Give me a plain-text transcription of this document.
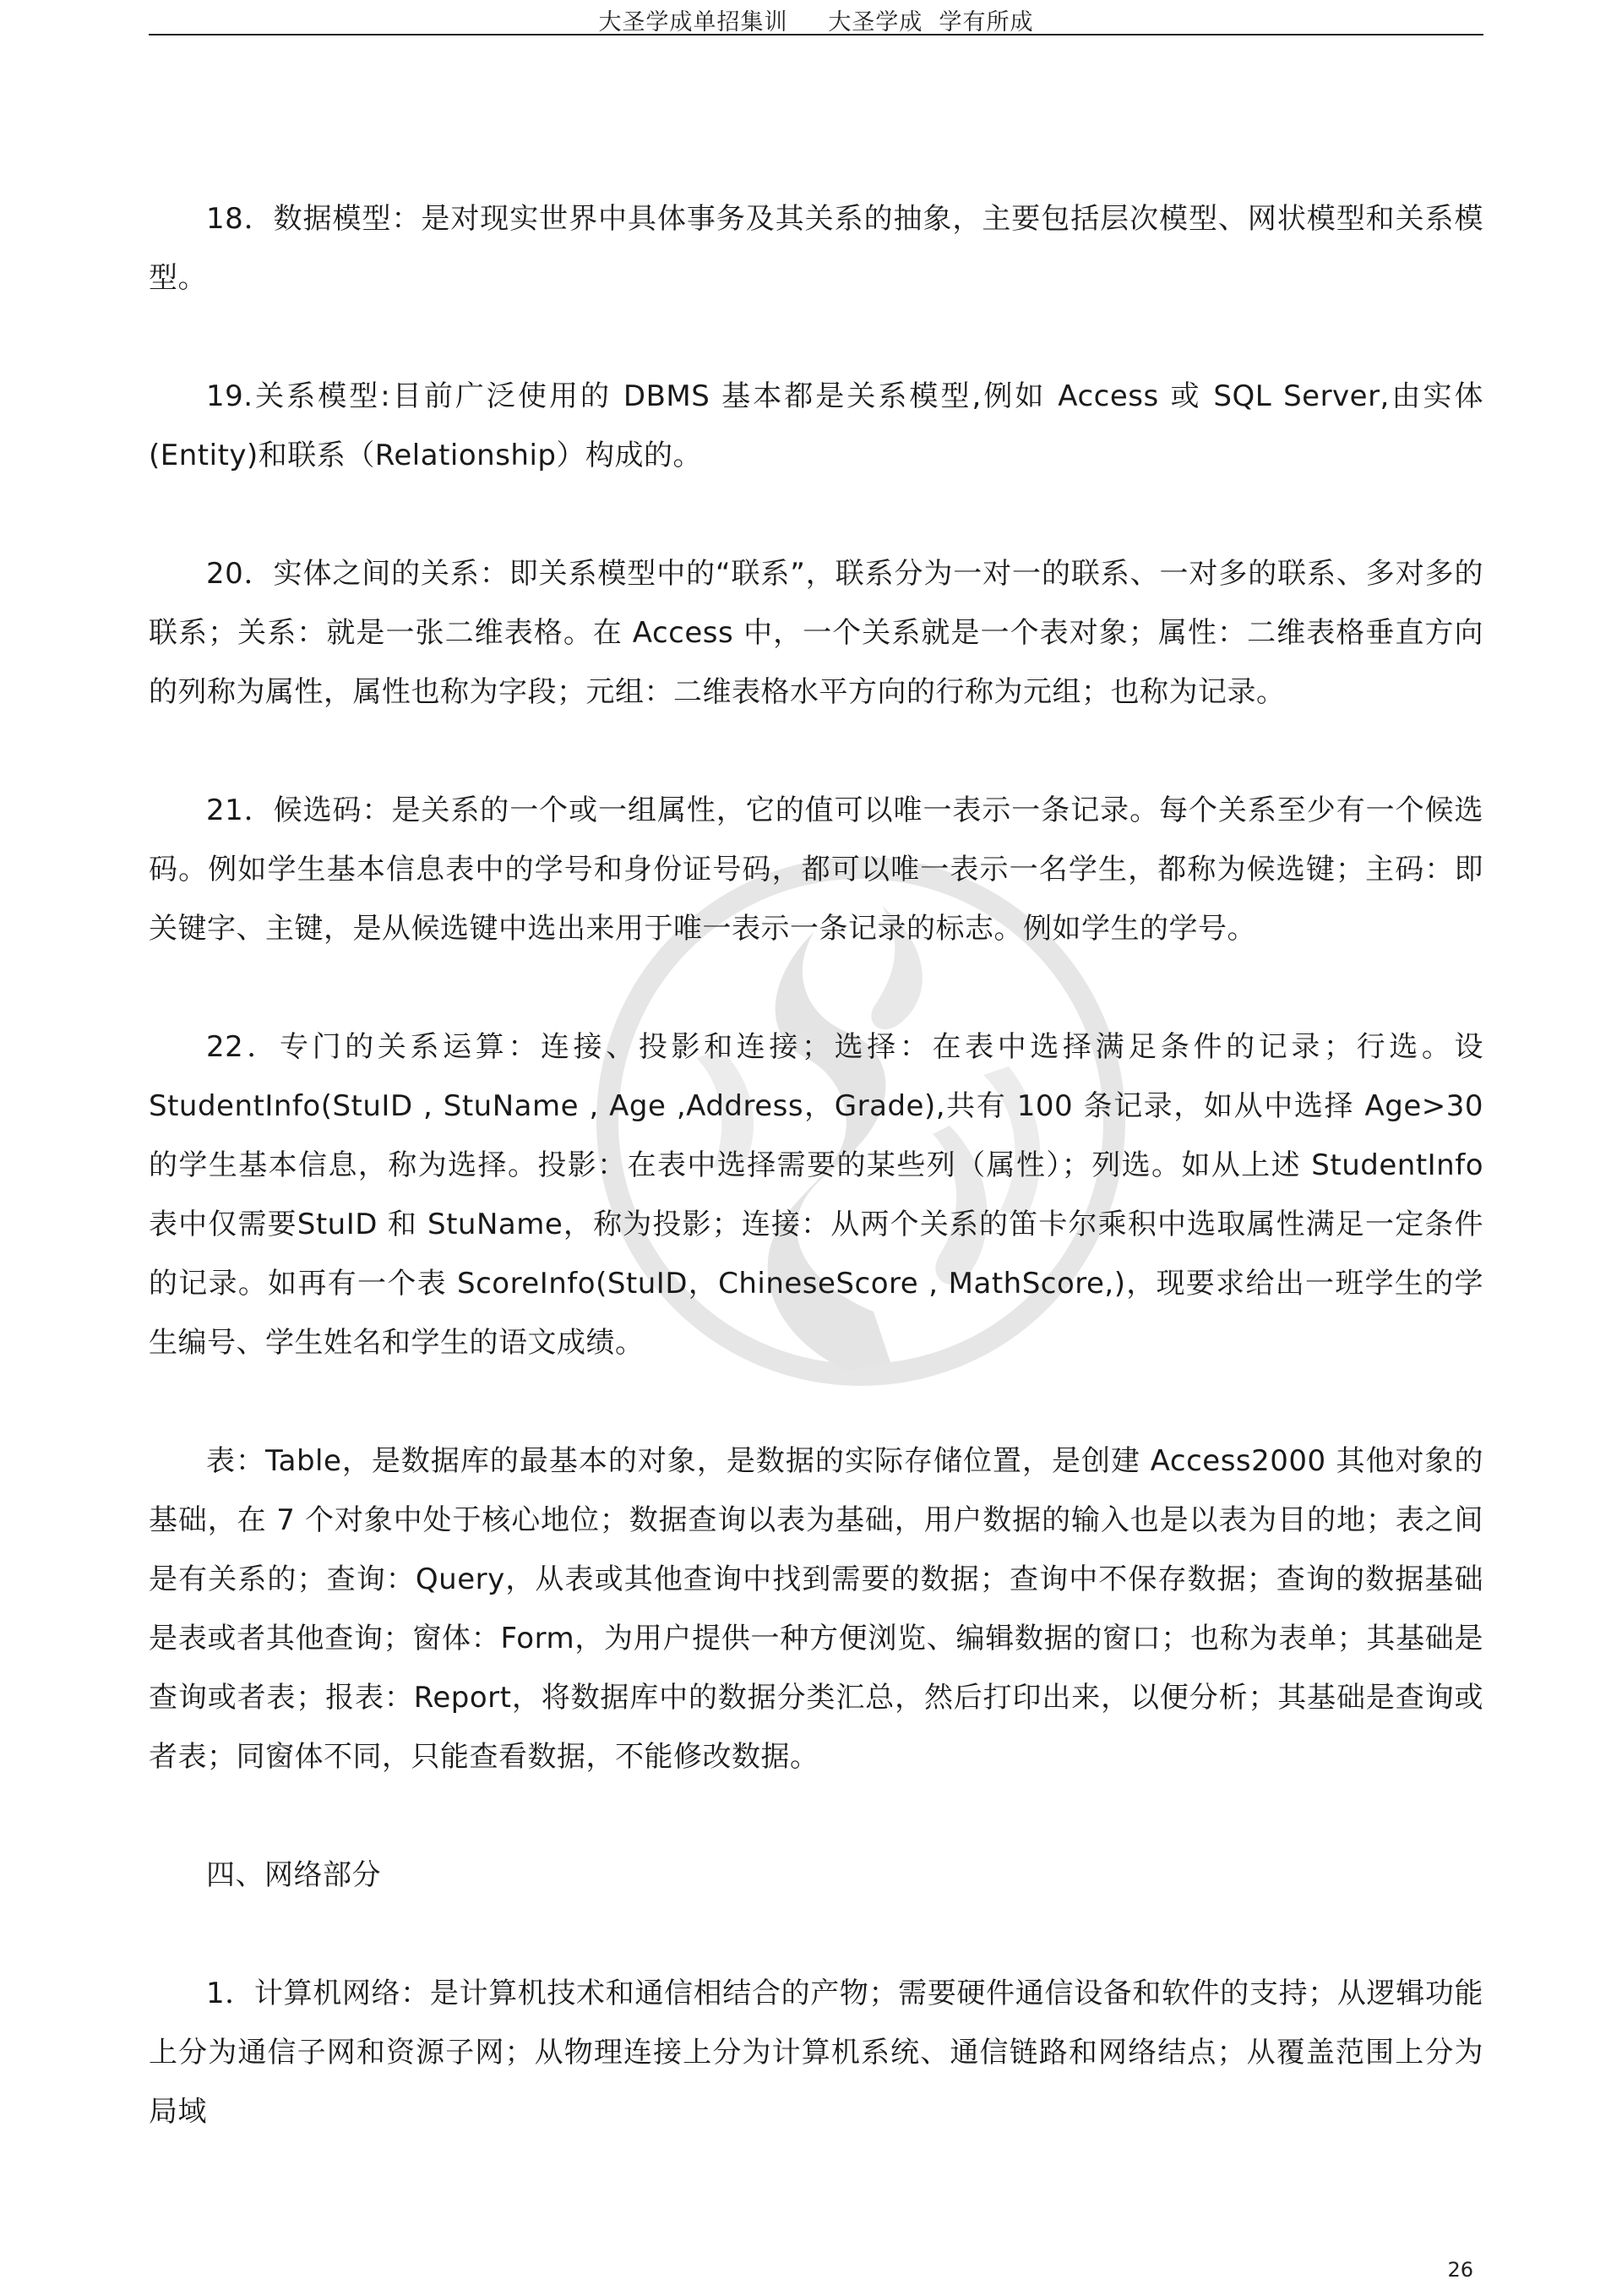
大圣学成单招集训     大圣学成  学有所成

18．数据模型：是对现实世界中具体事务及其关系的抽象，主要包括层次模型、网状模型和关系模型。

19.关系模型:目前广泛使用的 DBMS 基本都是关系模型,例如 Access 或 SQL Server,由实体(Entity)和联系（Relationship）构成的。

20．实体之间的关系：即关系模型中的“联系”，联系分为一对一的联系、一对多的联系、多对多的联系；关系：就是一张二维表格。在 Access 中，一个关系就是一个表对象；属性：二维表格垂直方向的列称为属性，属性也称为字段；元组：二维表格水平方向的行称为元组；也称为记录。

21．候选码：是关系的一个或一组属性，它的值可以唯一表示一条记录。每个关系至少有一个候选码。例如学生基本信息表中的学号和身份证号码，都可以唯一表示一名学生，都称为候选键；主码：即关键字、主键，是从候选键中选出来用于唯一表示一条记录的标志。例如学生的学号。

22．专门的关系运算：连接、投影和连接；选择：在表中选择满足条件的记录；行选。设StudentInfo(StuID , StuName , Age ,Address，Grade),共有 100 条记录，如从中选择 Age>30 的学生基本信息，称为选择。投影：在表中选择需要的某些列（属性）；列选。如从上述 StudentInfo 表中仅需要StuID 和 StuName，称为投影；连接：从两个关系的笛卡尔乘积中选取属性满足一定条件的记录。如再有一个表 ScoreInfo(StuID，ChineseScore , MathScore,)，现要求给出一班学生的学生编号、学生姓名和学生的语文成绩。

表：Table，是数据库的最基本的对象，是数据的实际存储位置，是创建 Access2000 其他对象的基础，在 7 个对象中处于核心地位；数据查询以表为基础，用户数据的输入也是以表为目的地；表之间是有关系的；查询：Query，从表或其他查询中找到需要的数据；查询中不保存数据；查询的数据基础是表或者其他查询；窗体：Form，为用户提供一种方便浏览、编辑数据的窗口；也称为表单；其基础是查询或者表；报表：Report，将数据库中的数据分类汇总，然后打印出来，以便分析；其基础是查询或者表；同窗体不同，只能查看数据，不能修改数据。

四、网络部分

1．计算机网络：是计算机技术和通信相结合的产物；需要硬件通信设备和软件的支持；从逻辑功能上分为通信子网和资源子网；从物理连接上分为计算机系统、通信链路和网络结点；从覆盖范围上分为局域

26
